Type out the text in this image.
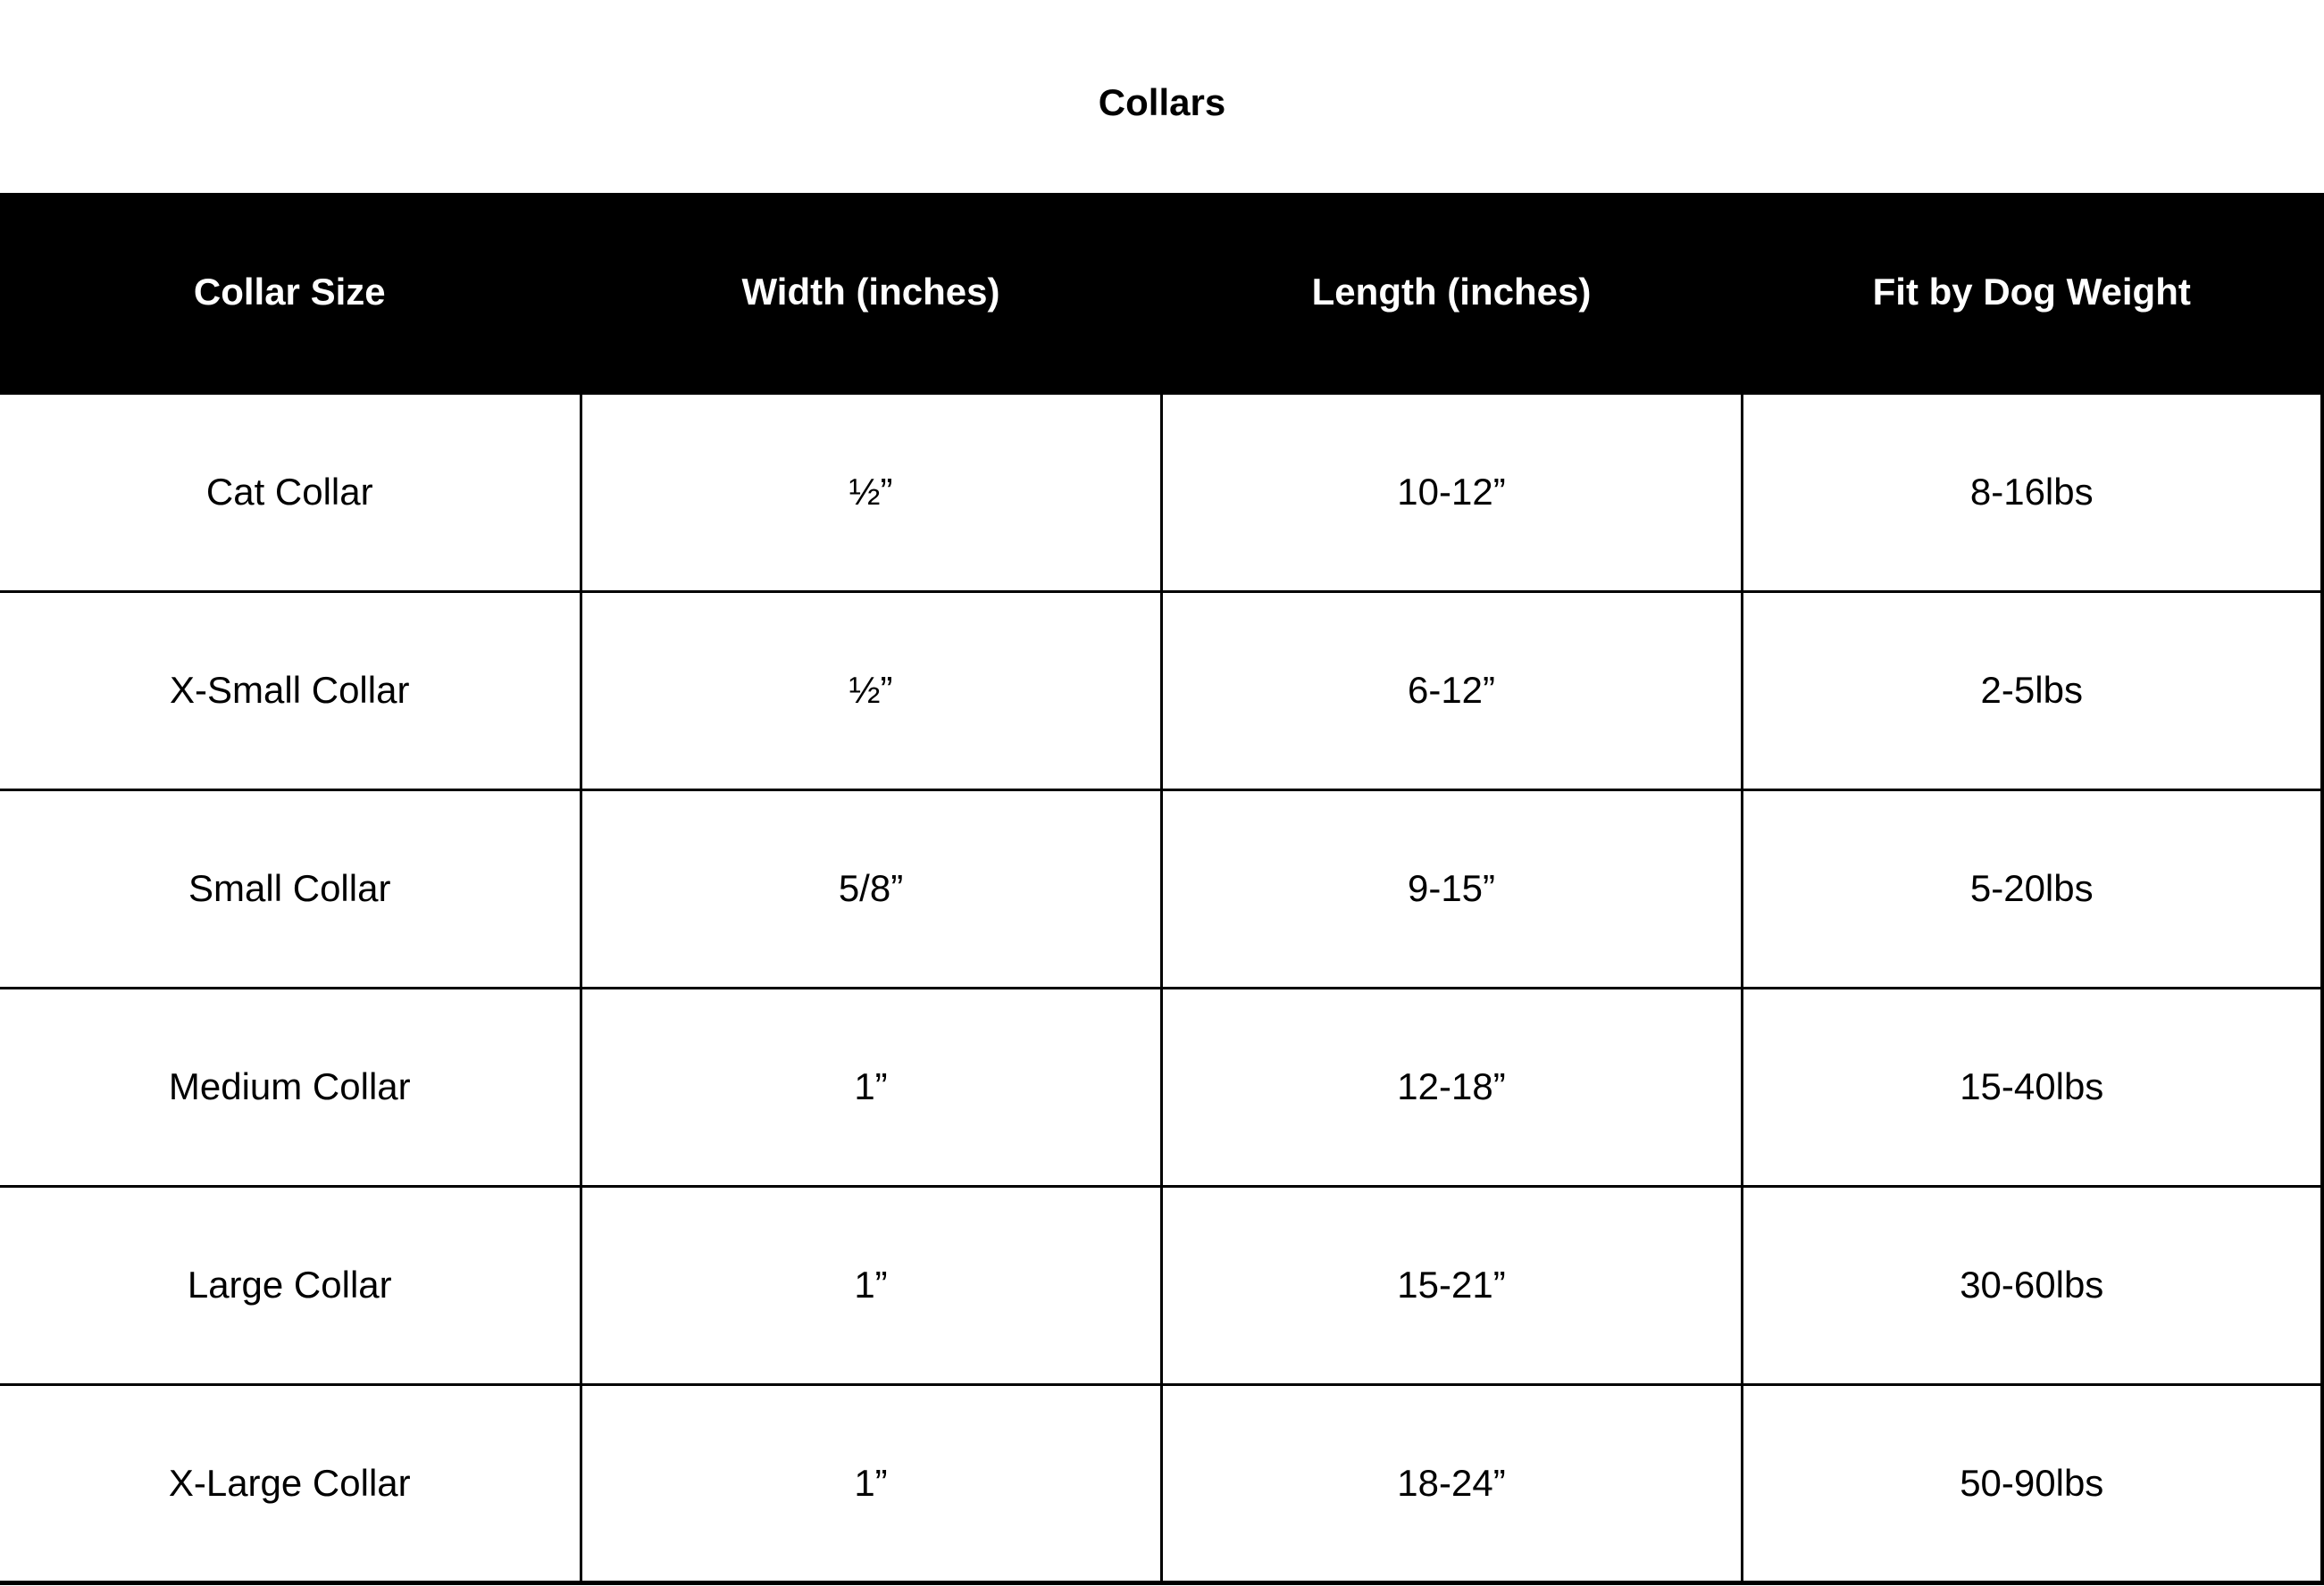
Collars
Collar Size	Width (inches)	Length (inches)	Fit by Dog Weight
Cat Collar	½”	10-12”	8-16lbs
X-Small Collar	½”	6-12”	2-5lbs
Small Collar	5/8”	9-15”	5-20lbs
Medium Collar	1”	12-18”	15-40lbs
Large Collar	1”	15-21”	30-60lbs
X-Large Collar	1”	18-24”	50-90lbs
